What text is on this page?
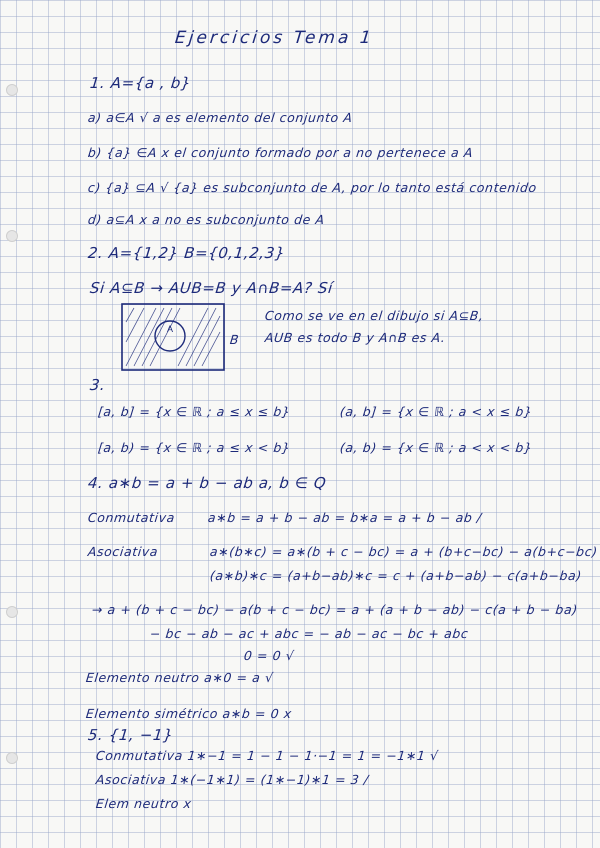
Ejercicios Tema 1
1. A={a , b}
a) a∈A √ a es elemento del conjunto A
b) {a} ∈A x el conjunto formado por a no pertenece a A
c) {a} ⊆A √ {a} es subconjunto de A, por lo tanto está contenido
d) a⊆A x a no es subconjunto de A
2. A={1,2} B={0,1,2,3}
Si A⊆B → AUB=B y A∩B=A? Sí
A
B
Como se ve en el dibujo si A⊆B,
AUB es todo B y A∩B es A.
3.
[a, b] = {x ∈ ℝ ; a ≤ x ≤ b}	(a, b] = {x ∈ ℝ ; a < x ≤ b}
[a, b) = {x ∈ ℝ ; a ≤ x < b}	(a, b) = {x ∈ ℝ ; a < x < b}
4. a∗b = a + b − ab a, b ∈ Q
Conmutativa	a∗b = a + b − ab = b∗a = a + b − ab /
Asociativa	a∗(b∗c) = a∗(b + c − bc) = a + (b+c−bc) − a(b+c−bc)
(a∗b)∗c = (a+b−ab)∗c = c + (a+b−ab) − c(a+b−ba)
→ a + (b + c − bc) − a(b + c − bc) = a + (a + b − ab) − c(a + b − ba)
− bc − ab − ac + abc = − ab − ac − bc + abc
0 = 0 √
Elemento neutro a∗0 = a √
Elemento simétrico a∗b = 0 x
5. {1, −1}
Conmutativa 1∗−1 = 1 − 1 − 1·−1 = 1 = −1∗1 √
Asociativa 1∗(−1∗1) = (1∗−1)∗1 = 3 /
Elem neutro x
